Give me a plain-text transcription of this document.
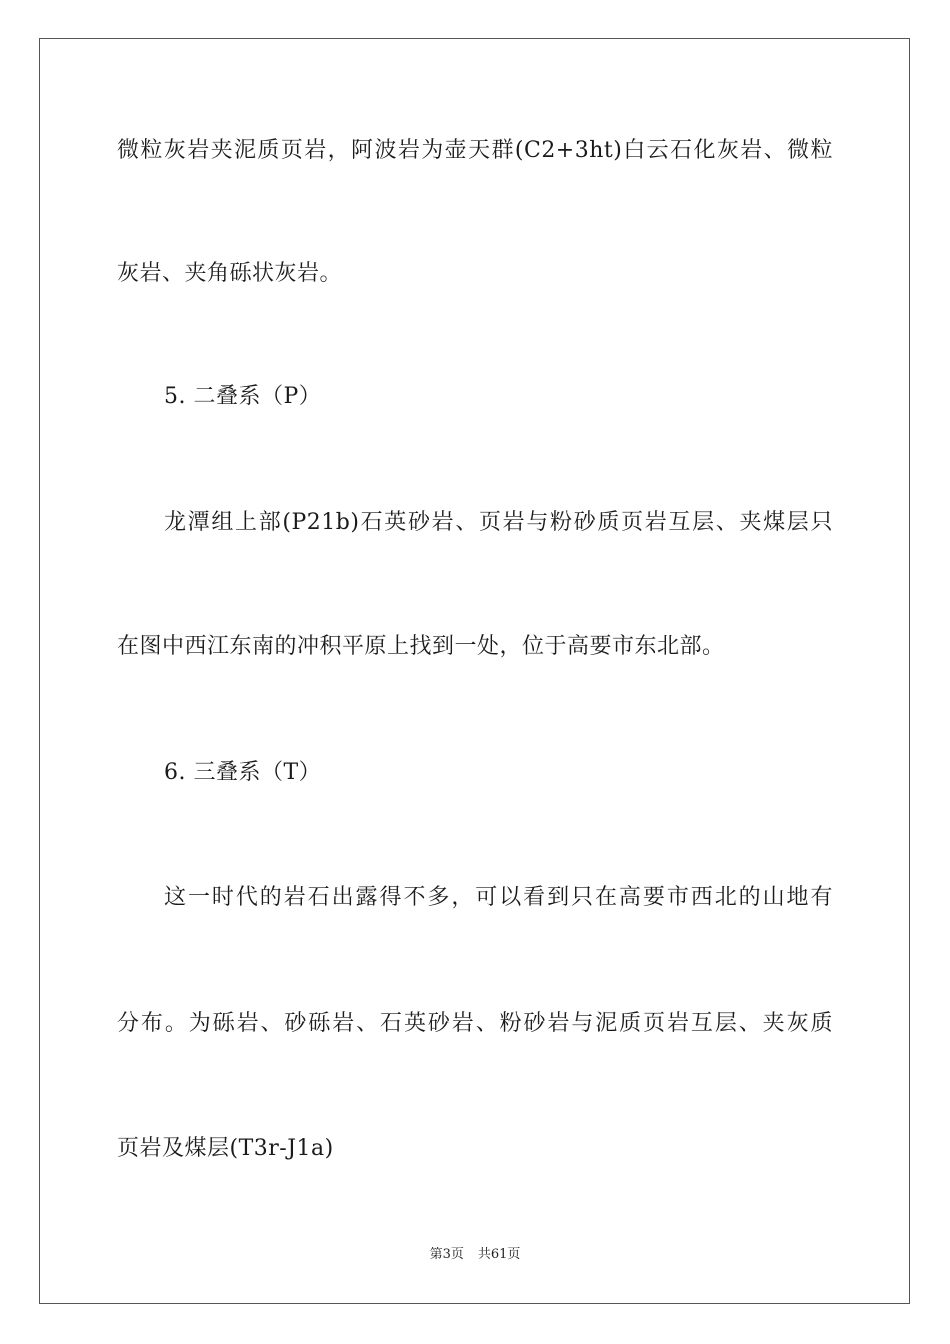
微粒灰岩夹泥质页岩，阿波岩为壶天群(C2+3ht)白云石化灰岩、微粒
灰岩、夹角砾状灰岩。
5. 二叠系（P）
龙潭组上部(P21b)石英砂岩、页岩与粉砂质页岩互层、夹煤层只
在图中西江东南的冲积平原上找到一处，位于高要市东北部。
6. 三叠系（T）
这一时代的岩石出露得不多，可以看到只在高要市西北的山地有
分布。为砾岩、砂砾岩、石英砂岩、粉砂岩与泥质页岩互层、夹灰质
页岩及煤层(T3r-J1a)
第3页 共61页
